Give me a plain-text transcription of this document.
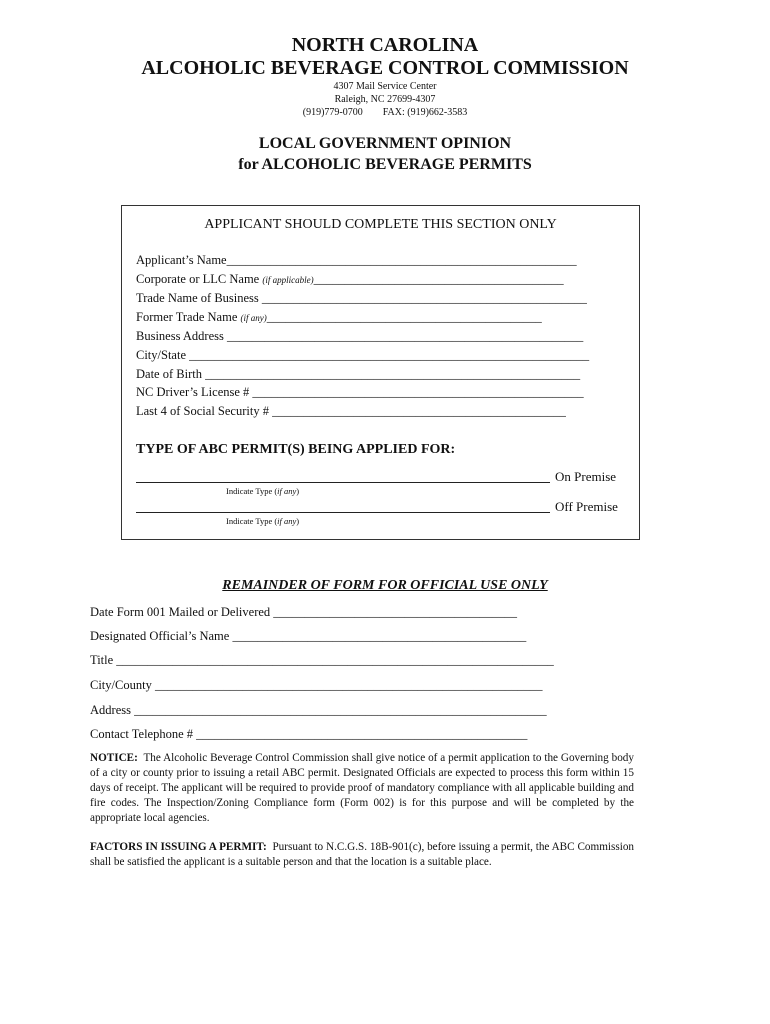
NORTH CAROLINA
ALCOHOLIC BEVERAGE CONTROL COMMISSION
4307 Mail Service Center
Raleigh, NC 27699-4307
(919)779-0700 FAX: (919)662-3583
LOCAL GOVERNMENT OPINION
for ALCOHOLIC BEVERAGE PERMITS
APPLICANT SHOULD COMPLETE THIS SECTION ONLY
Applicant’s Name________________________________________________________
Corporate or LLC Name (if applicable)________________________________________
Trade Name of Business ____________________________________________________
Former Trade Name (if any)____________________________________________
Business Address _________________________________________________________
City/State ________________________________________________________________
Date of Birth ____________________________________________________________
NC Driver’s License # _____________________________________________________
Last 4 of Social Security # _______________________________________________
TYPE OF ABC PERMIT(S) BEING APPLIED FOR:
On Premise
Indicate Type (if any)
Off Premise
Indicate Type (if any)
REMAINDER OF FORM FOR OFFICIAL USE ONLY
Date Form 001 Mailed or Delivered _______________________________________
Designated Official’s Name _______________________________________________
Title ______________________________________________________________________
City/County ______________________________________________________________
Address __________________________________________________________________
Contact Telephone # _____________________________________________________
NOTICE: The Alcoholic Beverage Control Commission shall give notice of a permit application to the Governing body of a city or county prior to issuing a retail ABC permit. Designated Officials are expected to process this form within 15 days of receipt. The applicant will be required to provide proof of mandatory compliance with all applicable building and fire codes. The Inspection/Zoning Compliance form (Form 002) is for this purpose and will be completed by the appropriate local agencies.
FACTORS IN ISSUING A PERMIT: Pursuant to N.C.G.S. 18B-901(c), before issuing a permit, the ABC Commission shall be satisfied the applicant is a suitable person and that the location is a suitable place.
